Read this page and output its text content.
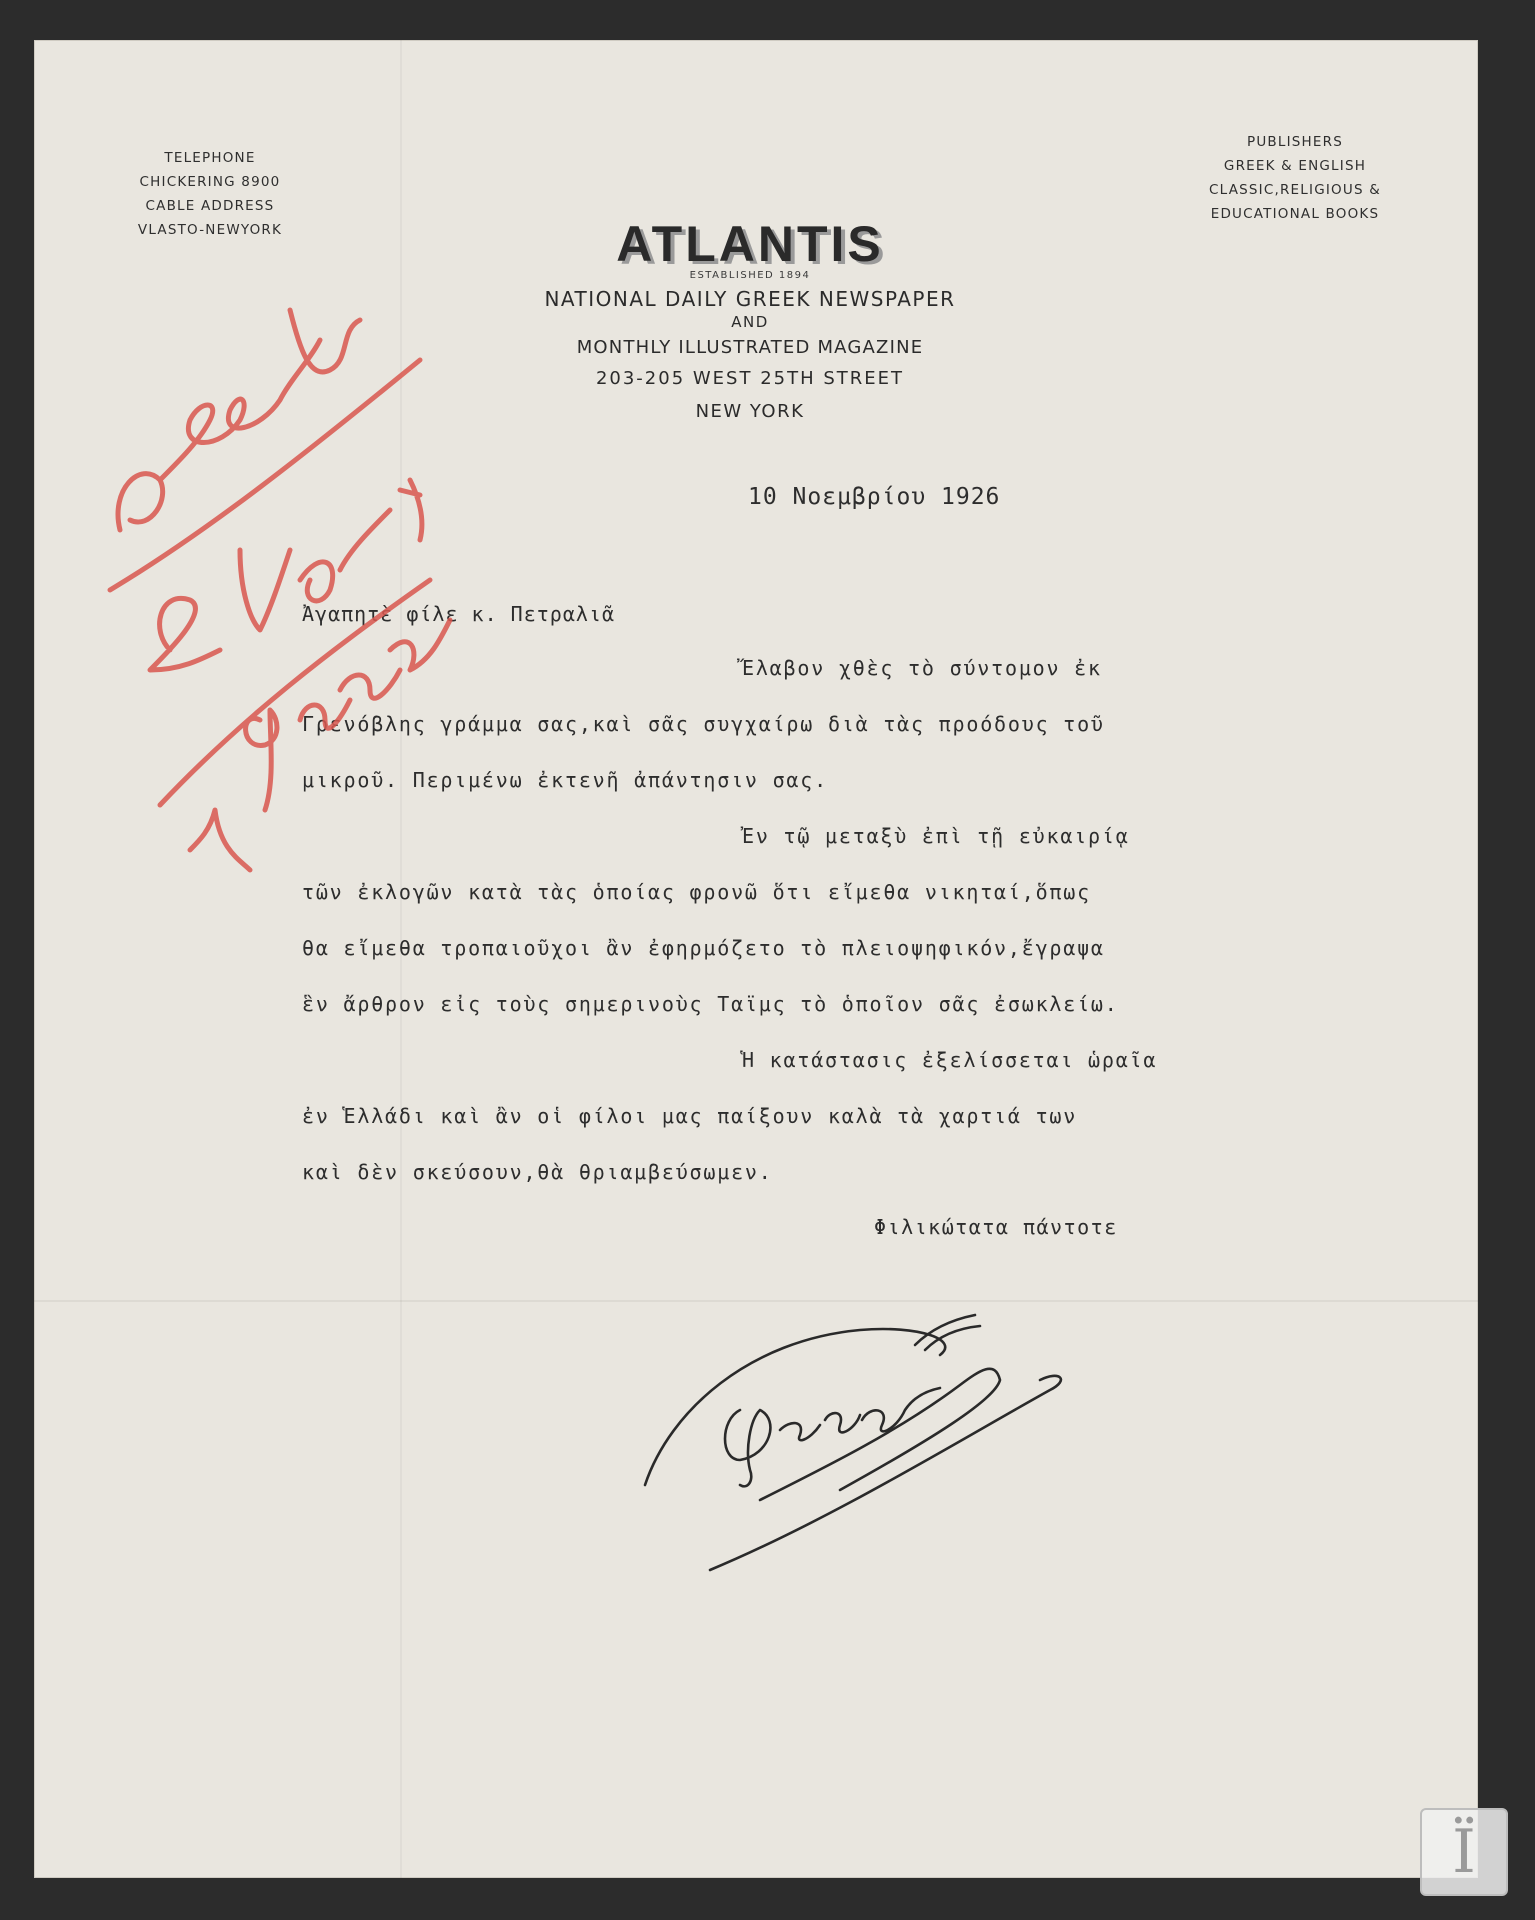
TELEPHONE
CHICKERING 8900
CABLE ADDRESS
VLASTO-NEWYORK
PUBLISHERS
GREEK & ENGLISH
CLASSIC,RELIGIOUS &
EDUCATIONAL BOOKS
ATLANTIS
ESTABLISHED 1894
NATIONAL DAILY GREEK NEWSPAPER
AND
MONTHLY ILLUSTRATED MAGAZINE
203-205 WEST 25TH STREET
NEW YORK
10 Νοεμβρίου 1926
Ἀγαπητὲ φίλε κ. Πετραλιᾶ
Ἔλαβον χθὲς τὸ σύντομον ἐκ
Γρενόβλης γράμμα σας,καὶ σᾶς συγχαίρω διὰ τὰς προόδους τοῦ
μικροῦ. Περιμένω ἐκτενῆ ἀπάντησιν σας.
Ἐν τῷ μεταξὺ ἐπὶ τῇ εὐκαιρίᾳ
τῶν ἐκλογῶν κατὰ τὰς ὁποίας φρονῶ ὅτι εἴμεθα νικηταί,ὅπως
θα εἴμεθα τροπαιοῦχοι ἂν ἐφηρμόζετο τὸ πλειοψηφικόν,ἔγραψα
ἓν ἄρθρον εἰς τοὺς σημερινοὺς Ταϊμς τὸ ὁποῖον σᾶς ἐσωκλείω.
Ἡ κατάστασις ἐξελίσσεται ὡραῖα
ἐν Ἑλλάδι καὶ ἂν οἱ φίλοι μας παίξουν καλὰ τὰ χαρτιά των
καὶ δὲν σκεύσουν,θὰ θριαμβεύσωμεν.
Φιλικώτατα πάντοτε
Ï
